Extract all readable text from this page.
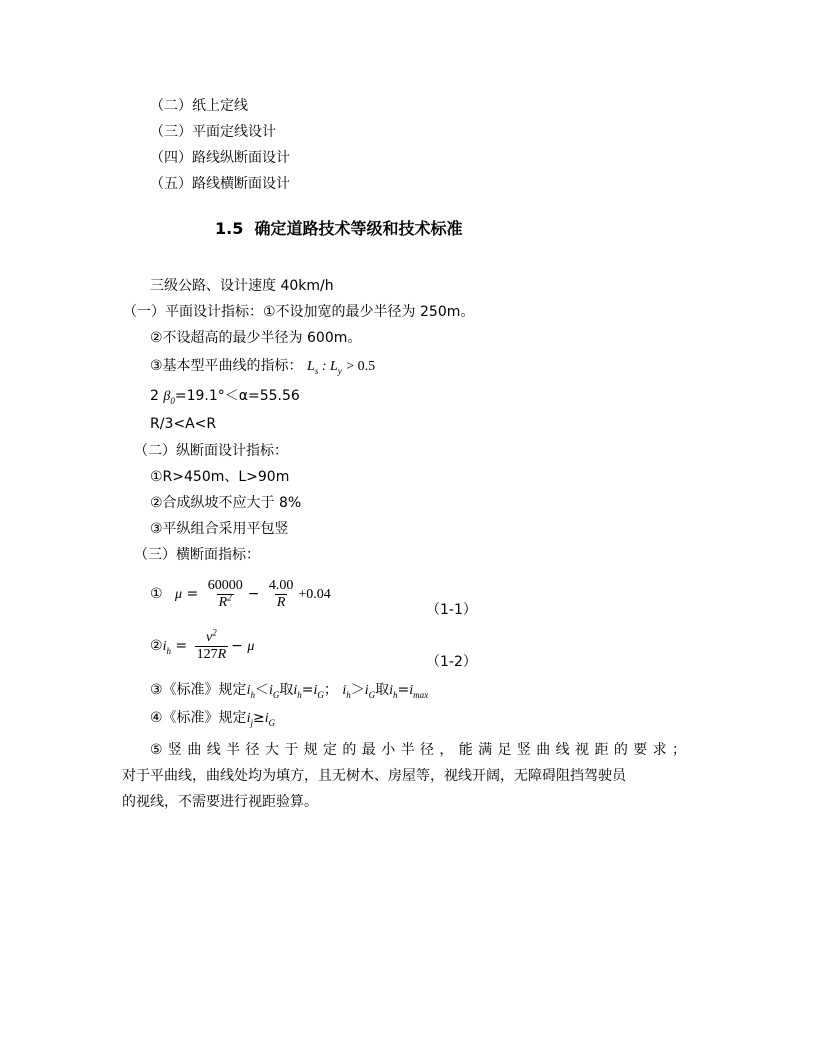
（二）纸上定线
（三）平面定线设计
（四）路线纵断面设计
（五）路线横断面设计
1.5 确定道路技术等级和技术标准
三级公路、设计速度 40km/h
（一）平面设计指标：①不设加宽的最少半径为 250m。
②不设超高的最少半径为 600m。
③基本型平曲线的指标： $L_s$ : $L_y > 0.5$
2 $\beta_0=19.1^\circ<\alpha=55.56$
R/3<A<R
（二）纵断面设计指标：
①R>450m、L>90m
②合成纵坡不应大于 8%
③平纵组合采用平包竖
（三）横断面指标：
① $\mu = \frac{60000}{R^2} - \frac{4.00}{R} +0.04$
（1-1）
$②i_h = \frac{v^2}{127R} - \mu$
（1-2）
③《标准》规定$i_h<i_G$取$i_h=i_G$； $i_h>i_G$取$i_h=i_{max}$
④《标准》规定$i_j\ge i_G$
⑤竖曲线半径大于规定的最小半径，能满足竖曲线视距的要求；
对于平曲线，曲线处均为填方，且无树木、房屋等，视线开阔，无障碍阻挡驾驶员
的视线，不需要进行视距验算。
